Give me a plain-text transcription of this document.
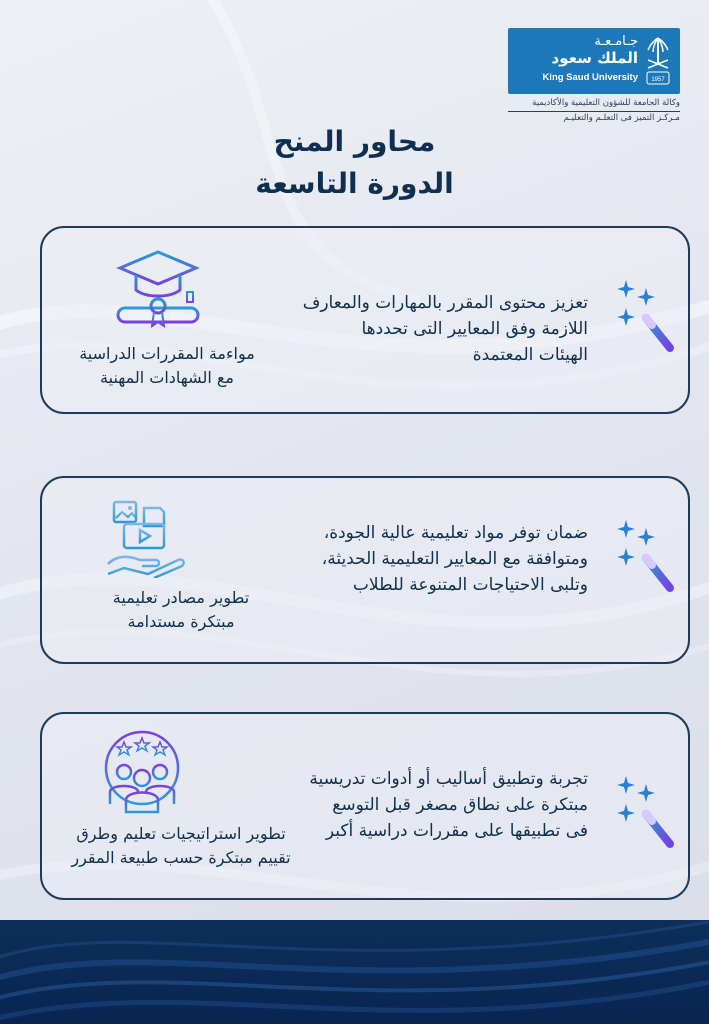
جـامـعـة
الملك سعود
King Saud University 1957
وكالة الجامعة للشؤون التعليمية والأكاديمية
مـركـز التميز فى التعلـم والتعليـم
محاور المنح
الدورة التاسعة
مواءمة المقررات الدراسية
مع الشهادات المهنية
تعزيز محتوى المقرر بالمهارات والمعارف
اللازمة وفق المعايير التى تحددها
الهيئات المعتمدة
تطوير مصادر تعليمية
مبتكرة مستدامة
ضمان توفر مواد تعليمية عالية الجودة،
ومتوافقة مع المعايير التعليمية الحديثة،
وتلبى الاحتياجات المتنوعة للطلاب
تطوير استراتيجيات تعليم وطرق
تقييم مبتكرة حسب طبيعة المقرر
تجربة وتطبيق أساليب أو أدوات تدريسية
مبتكرة على نطاق مصغر قبل التوسع
فى تطبيقها على مقررات دراسية أكبر
